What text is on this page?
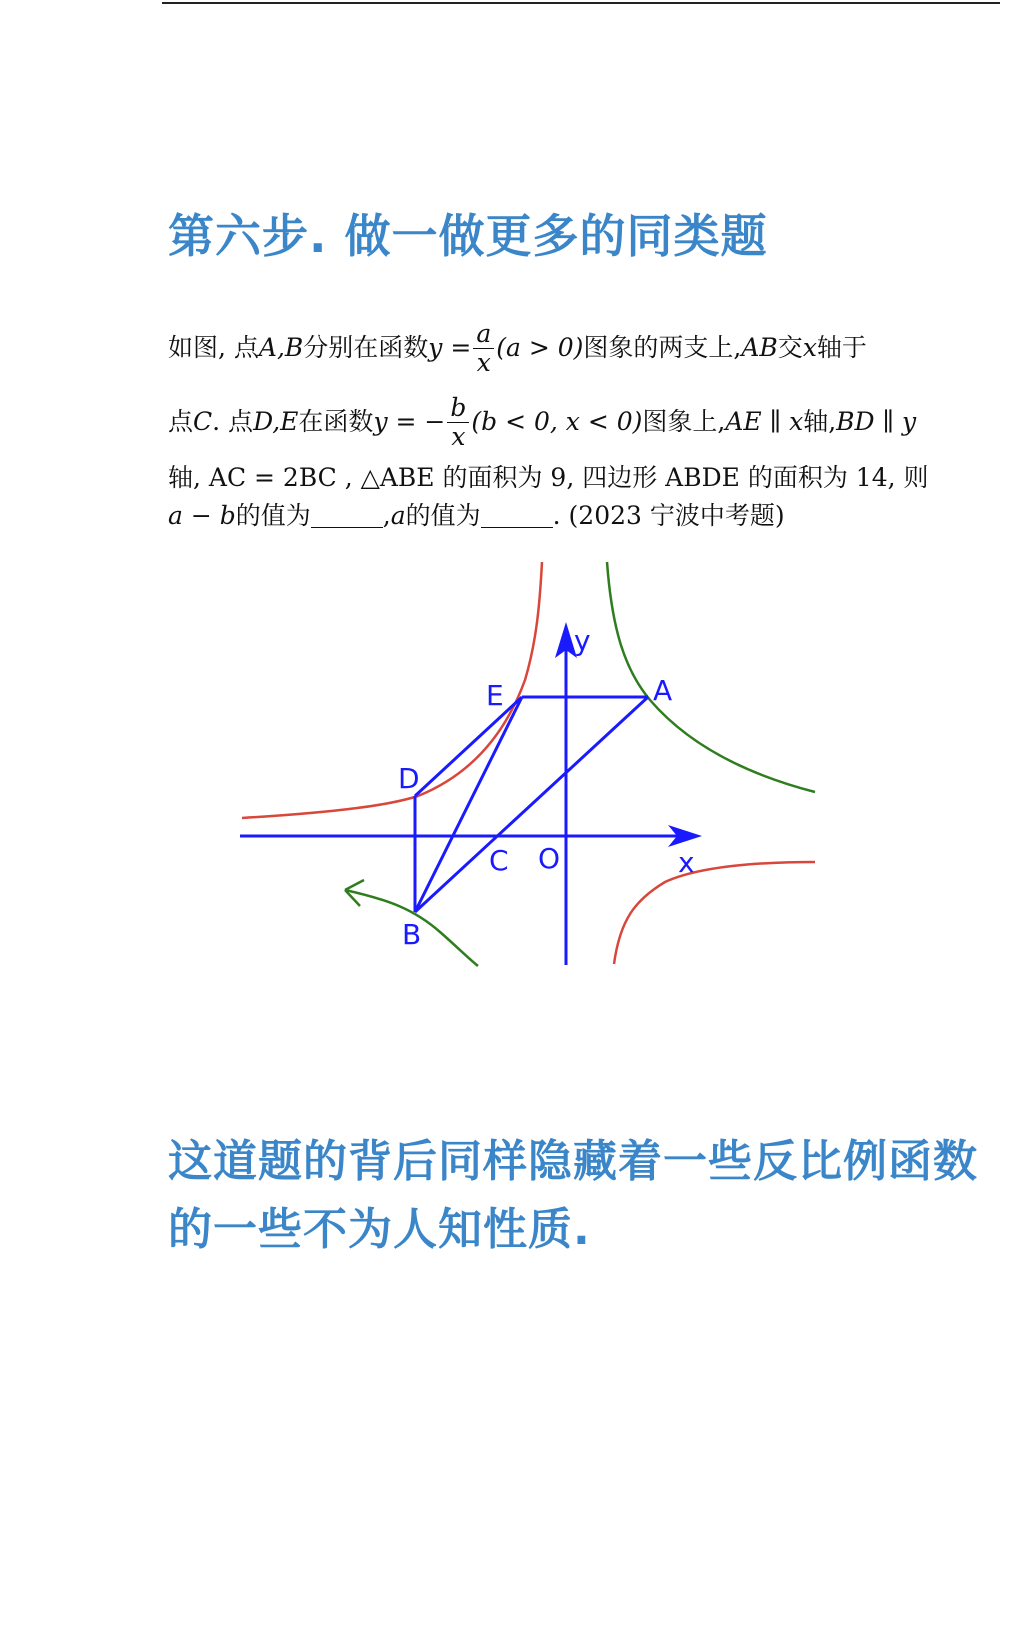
第六步. 做一做更多的同类题
如图, 点 A,B 分别在函数 $y = \frac{a}{x} (a > 0)$ 图象的两支上, AB 交 x 轴于
点 C . 点 D,E 在函数 y = − $\frac{b}{x} (b < 0$, x < 0) 图象上, AE ∥ x 轴, BD ∥ y
轴, AC = 2BC , △ABE 的面积为 9, 四边形 ABDE 的面积为 14, 则
a − b 的值为	, a 的值为	. (2023 宁波中考题)
A
E
D
C O	x
y
B
这道题的背后同样隐藏着一些反比例函数的一些不为人知性质.
